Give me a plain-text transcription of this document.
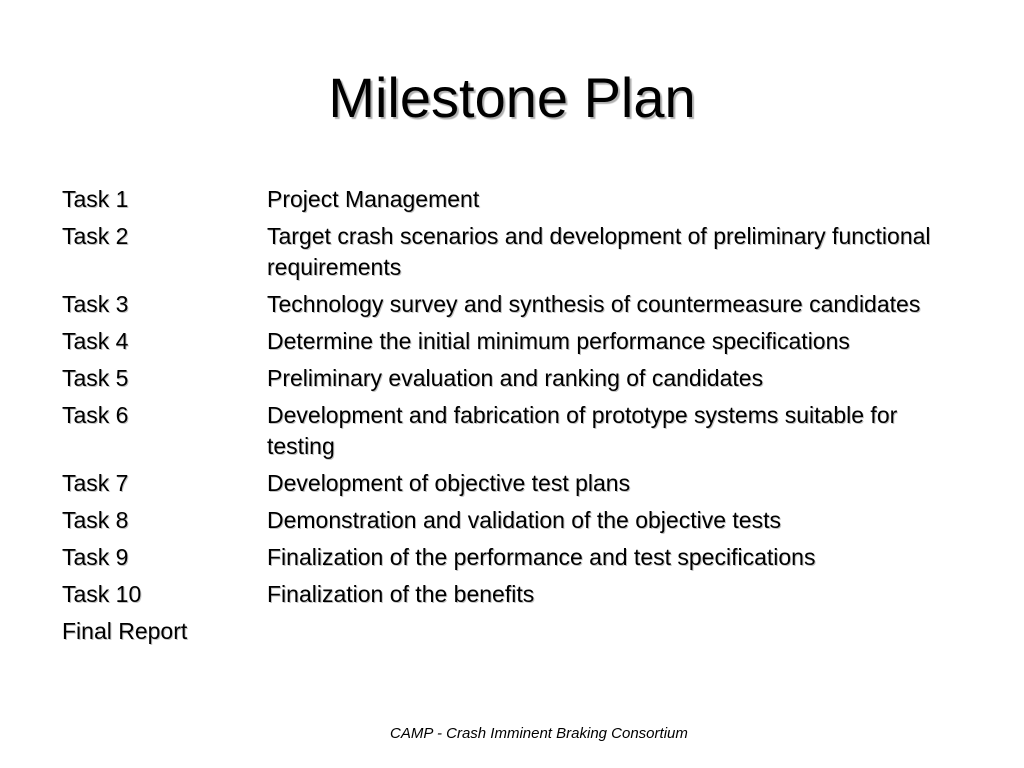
Milestone Plan
Task 1	Project Management
Task 2	Target crash scenarios and development of preliminary functional requirements
Task 3	Technology survey and synthesis of countermeasure candidates
Task 4	Determine the initial minimum performance specifications
Task 5	Preliminary evaluation and ranking of candidates
Task 6	Development and fabrication of prototype systems suitable for testing
Task 7	Development of objective test plans
Task 8	Demonstration and validation of the objective tests
Task 9	Finalization of the performance and test specifications
Task 10	Finalization of the benefits
Final Report
CAMP - Crash Imminent Braking Consortium
